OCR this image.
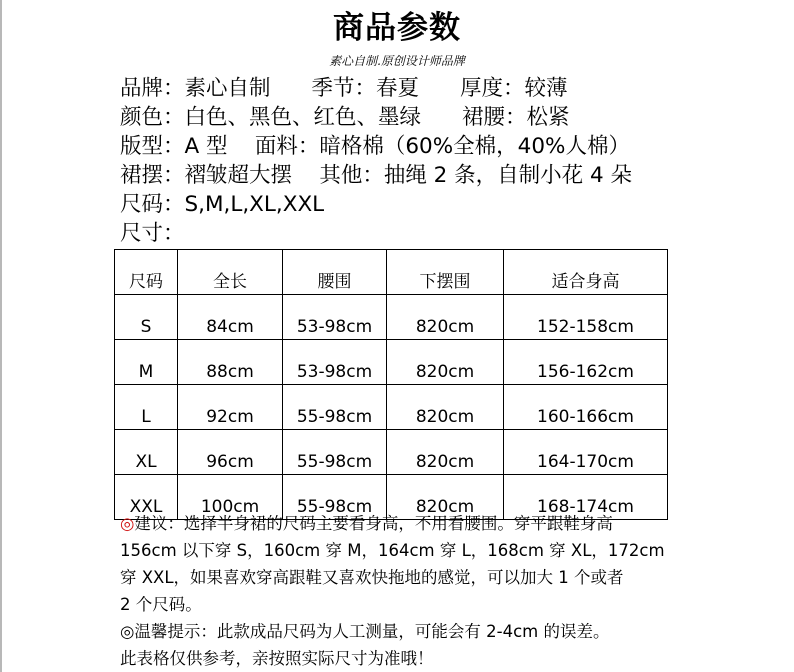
商品参数
素心自制.原创设计师品牌
品牌：素心自制      季节：春夏      厚度：较薄
颜色：白色、黑色、红色、墨绿      裙腰：松紧
版型：A 型    面料：暗格棉（60%全棉，40%人棉）
裙摆：褶皱超大摆    其他：抽绳 2 条，自制小花 4 朵
尺码：S,M,L,XL,XXL
尺寸：
尺码	全长	腰围	下摆围	适合身高
S	84cm	53-98cm	820cm	152-158cm
M	88cm	53-98cm	820cm	156-162cm
L	92cm	55-98cm	820cm	160-166cm
XL	96cm	55-98cm	820cm	164-170cm
XXL	100cm	55-98cm	820cm	168-174cm
◎建议：选择半身裙的尺码主要看身高，不用看腰围。穿平跟鞋身高
156cm 以下穿 S，160cm 穿 M，164cm 穿 L，168cm 穿 XL，172cm
穿 XXL，如果喜欢穿高跟鞋又喜欢快拖地的感觉，可以加大 1 个或者
2 个尺码。
◎温馨提示：此款成品尺码为人工测量，可能会有 2-4cm 的误差。
此表格仅供参考，亲按照实际尺寸为准哦！
